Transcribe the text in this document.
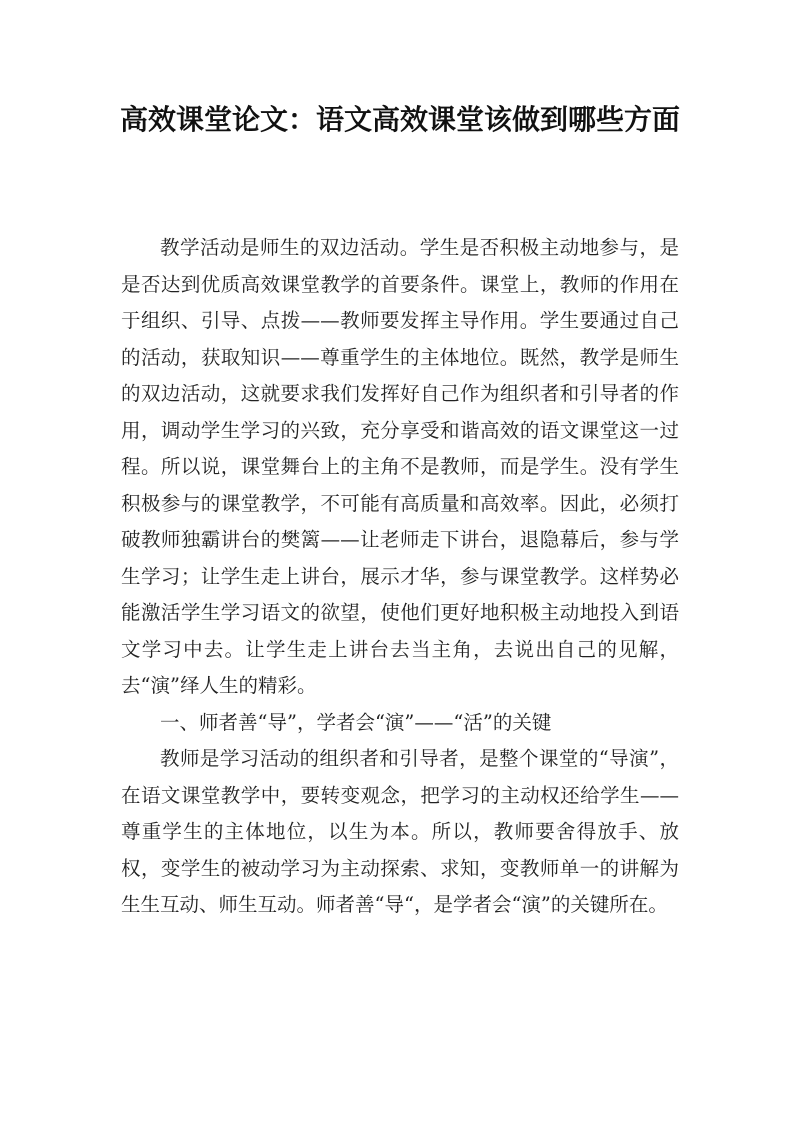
高效课堂论文：语文高效课堂该做到哪些方面

教学活动是师生的双边活动。学生是否积极主动地参与，是是否达到优质高效课堂教学的首要条件。课堂上，教师的作用在于组织、引导、点拨——教师要发挥主导作用。学生要通过自己的活动，获取知识——尊重学生的主体地位。既然，教学是师生的双边活动，这就要求我们发挥好自己作为组织者和引导者的作用，调动学生学习的兴致，充分享受和谐高效的语文课堂这一过程。所以说，课堂舞台上的主角不是教师，而是学生。没有学生积极参与的课堂教学，不可能有高质量和高效率。因此，必须打破教师独霸讲台的樊篱——让老师走下讲台，退隐幕后，参与学生学习；让学生走上讲台，展示才华，参与课堂教学。这样势必能激活学生学习语文的欲望，使他们更好地积极主动地投入到语文学习中去。让学生走上讲台去当主角，去说出自己的见解，去“演”绎人生的精彩。

一、师者善“导”，学者会“演”——“活”的关键

教师是学习活动的组织者和引导者，是整个课堂的“导演”，在语文课堂教学中，要转变观念，把学习的主动权还给学生——尊重学生的主体地位，以生为本。所以，教师要舍得放手、放权，变学生的被动学习为主动探索、求知，变教师单一的讲解为生生互动、师生互动。师者善“导“，是学者会“演”的关键所在。
